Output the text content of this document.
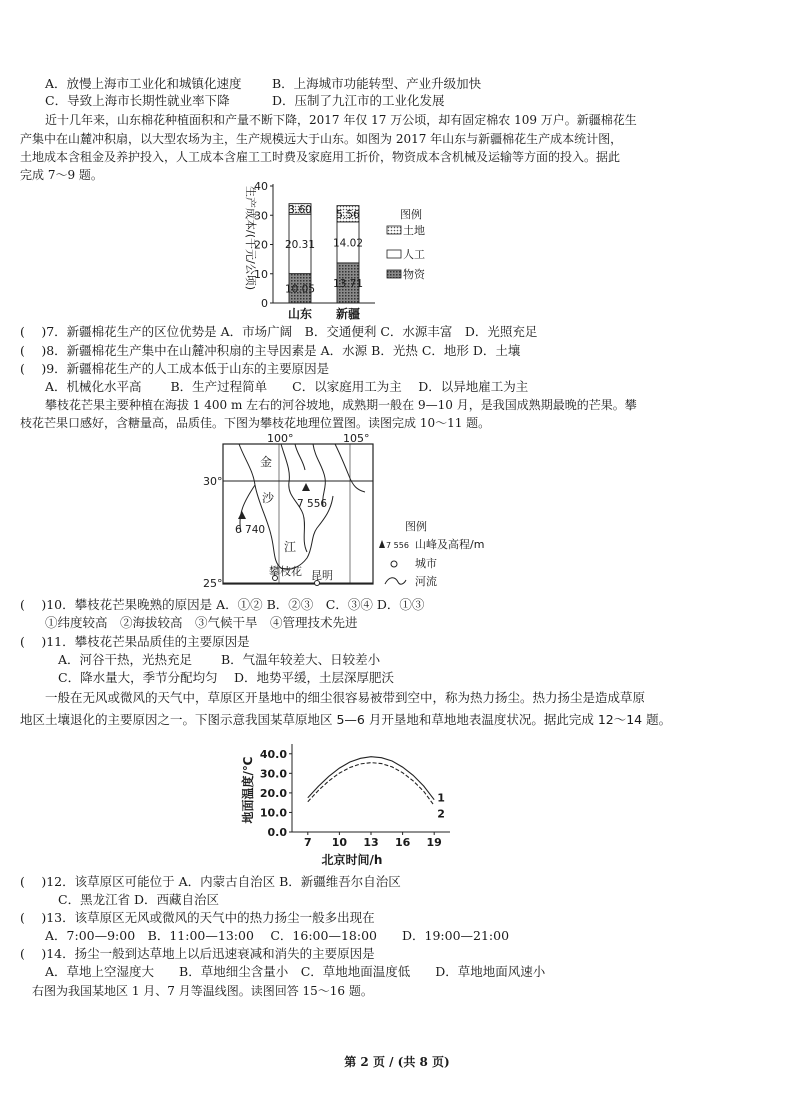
A．放慢上海市工业化和城镇化速度 B．上海城市功能转型、产业升级加快
C．导致上海市长期性就业率下降	D．压制了九江市的工业化发展
近十几年来，山东棉花种植面积和产量不断下降，2017 年仅 17 万公顷，却有固定棉农 109 万户。新疆棉花生
产集中在山麓冲积扇，以大型农场为主，生产规模远大于山东。如图为 2017 年山东与新疆棉花生产成本统计图，
土地成本含租金及养护投入，人工成本含雇工工时费及家庭用工折价，物资成本含机械及运输等方面的投入。据此
完成 7～9 题。
生产成本/(千元/公顷)
0
10
20
30
40
10.05
20.31
3.60
13.71
14.02
5.56
山东 新疆
图例
土地
人工
物资
(　 )7．新疆棉花生产的区位优势是 A．市场广阔　B．交通便利 C．水源丰富　D．光照充足
(　 )8．新疆棉花生产集中在山麓冲积扇的主导因素是 A．水源 B．光热 C．地形 D．土壤
(　 )9．新疆棉花生产的人工成本低于山东的主要原因是
A．机械化水平高　　 B．生产过程简单　　C．以家庭用工为主　 D．以异地雇工为主
攀枝花芒果主要种植在海拔 1 400 m 左右的河谷坡地，成熟期一般在 9—10 月，是我国成熟期最晚的芒果。攀
枝花芒果口感好，含糖量高，品质佳。下图为攀枝花地理位置图。读图完成 10～11 题。
100°	105°
30°
25°
金
沙
江
7 556
6 740
攀枝花 昆明
图例
7 556 山峰及高程/m
城市
河流
(　 )10．攀枝花芒果晚熟的原因是 A．①② B．②③　C．③④ D．①③
①纬度较高　②海拔较高　③气候干旱　④管理技术先进
(　 )11．攀枝花芒果品质佳的主要原因是
A．河谷干热，光热充足　　 B．气温年较差大、日较差小
C．降水量大，季节分配均匀　 D．地势平缓，土层深厚肥沃
一般在无风或微风的天气中，草原区开垦地中的细尘很容易被带到空中，称为热力扬尘。热力扬尘是造成草原
地区土壤退化的主要原因之一。下图示意我国某草原地区 5—6 月开垦地和草地地表温度状况。据此完成 12～14 题。
地面温度/℃
北京时间/h
0.0
10.0
20.0
30.0
40.0
7 10 13 16 19
1
2
(　 )12．该草原区可能位于 A．内蒙古自治区 B．新疆维吾尔自治区
C．黑龙江省 D．西藏自治区
(　 )13．该草原区无风或微风的天气中的热力扬尘一般多出现在
A．7:00—9:00　B．11:00—13:00　 C．16:00—18:00　　D．19:00—21:00
(　 )14．扬尘一般到达草地上以后迅速衰减和消失的主要原因是
A．草地上空湿度大　　B．草地细尘含量小　C．草地地面温度低　　D．草地地面风速小
右图为我国某地区 1 月、7 月等温线图。读图回答 15～16 题。
第 2 页 / (共 8 页)
